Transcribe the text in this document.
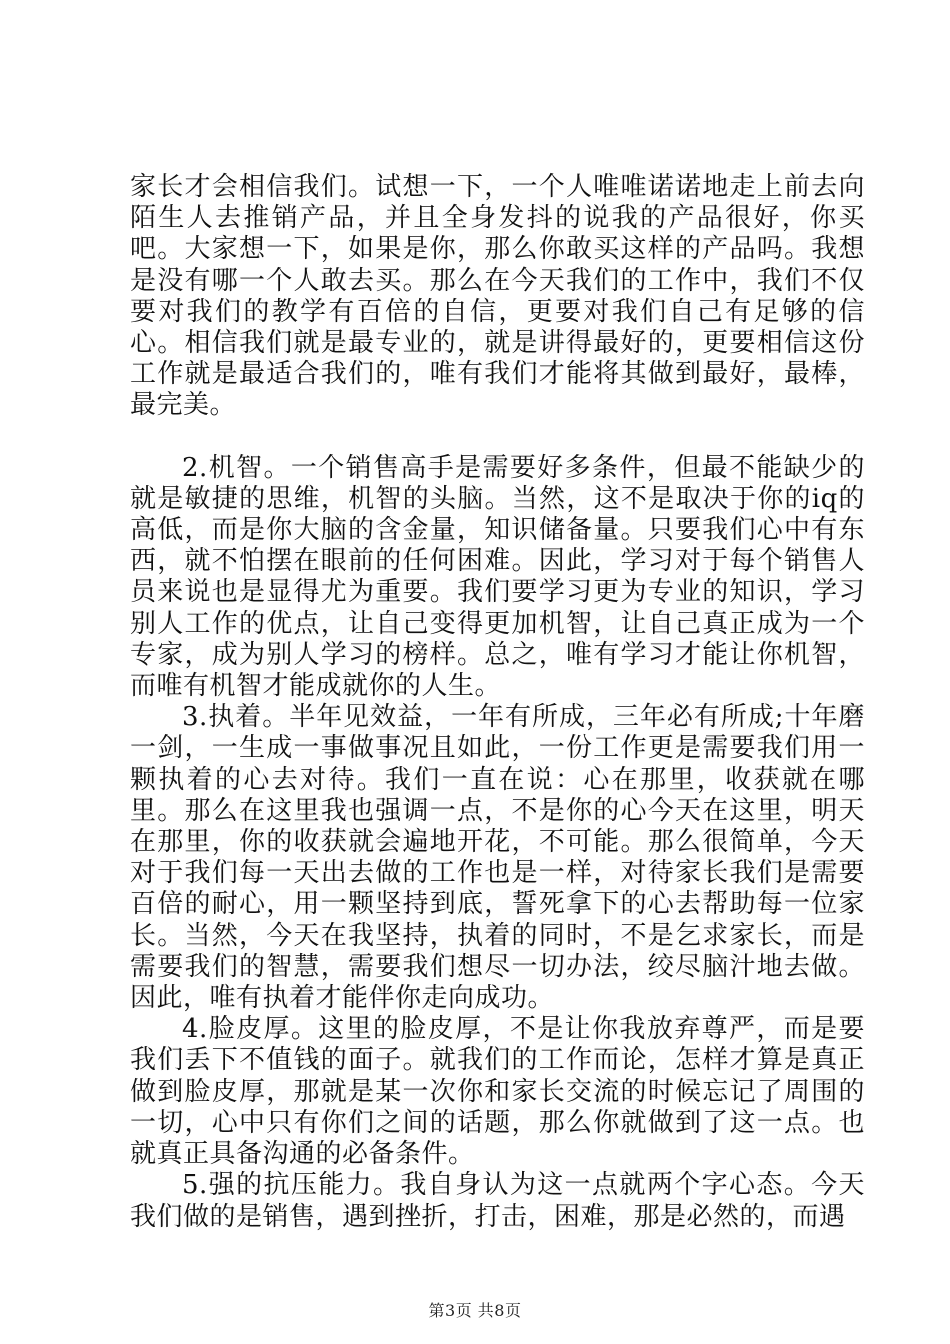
家长才会相信我们。试想一下，一个人唯唯诺诺地走上前去向陌生人去推销产品，并且全身发抖的说我的产品很好，你买吧。大家想一下，如果是你，那么你敢买这样的产品吗。我想是没有哪一个人敢去买。那么在今天我们的工作中，我们不仅要对我们的教学有百倍的自信，更要对我们自己有足够的信心。相信我们就是最专业的，就是讲得最好的，更要相信这份工作就是最适合我们的，唯有我们才能将其做到最好，最棒，最完美。

2.机智。一个销售高手是需要好多条件，但最不能缺少的就是敏捷的思维，机智的头脑。当然，这不是取决于你的iq的高低，而是你大脑的含金量，知识储备量。只要我们心中有东西，就不怕摆在眼前的任何困难。因此，学习对于每个销售人员来说也是显得尤为重要。我们要学习更为专业的知识，学习别人工作的优点，让自己变得更加机智，让自己真正成为一个专家，成为别人学习的榜样。总之，唯有学习才能让你机智，而唯有机智才能成就你的人生。

3.执着。半年见效益，一年有所成，三年必有所成;十年磨一剑，一生成一事做事况且如此，一份工作更是需要我们用一颗执着的心去对待。我们一直在说：心在那里，收获就在哪里。那么在这里我也强调一点，不是你的心今天在这里，明天在那里，你的收获就会遍地开花，不可能。那么很简单，今天对于我们每一天出去做的工作也是一样，对待家长我们是需要百倍的耐心，用一颗坚持到底，誓死拿下的心去帮助每一位家长。当然，今天在我坚持，执着的同时，不是乞求家长，而是需要我们的智慧，需要我们想尽一切办法，绞尽脑汁地去做。因此，唯有执着才能伴你走向成功。

4.脸皮厚。这里的脸皮厚，不是让你我放弃尊严，而是要我们丢下不值钱的面子。就我们的工作而论，怎样才算是真正做到脸皮厚，那就是某一次你和家长交流的时候忘记了周围的一切，心中只有你们之间的话题，那么你就做到了这一点。也就真正具备沟通的必备条件。

5.强的抗压能力。我自身认为这一点就两个字心态。今天我们做的是销售，遇到挫折，打击，困难，那是必然的，而遇

第3页 共8页
